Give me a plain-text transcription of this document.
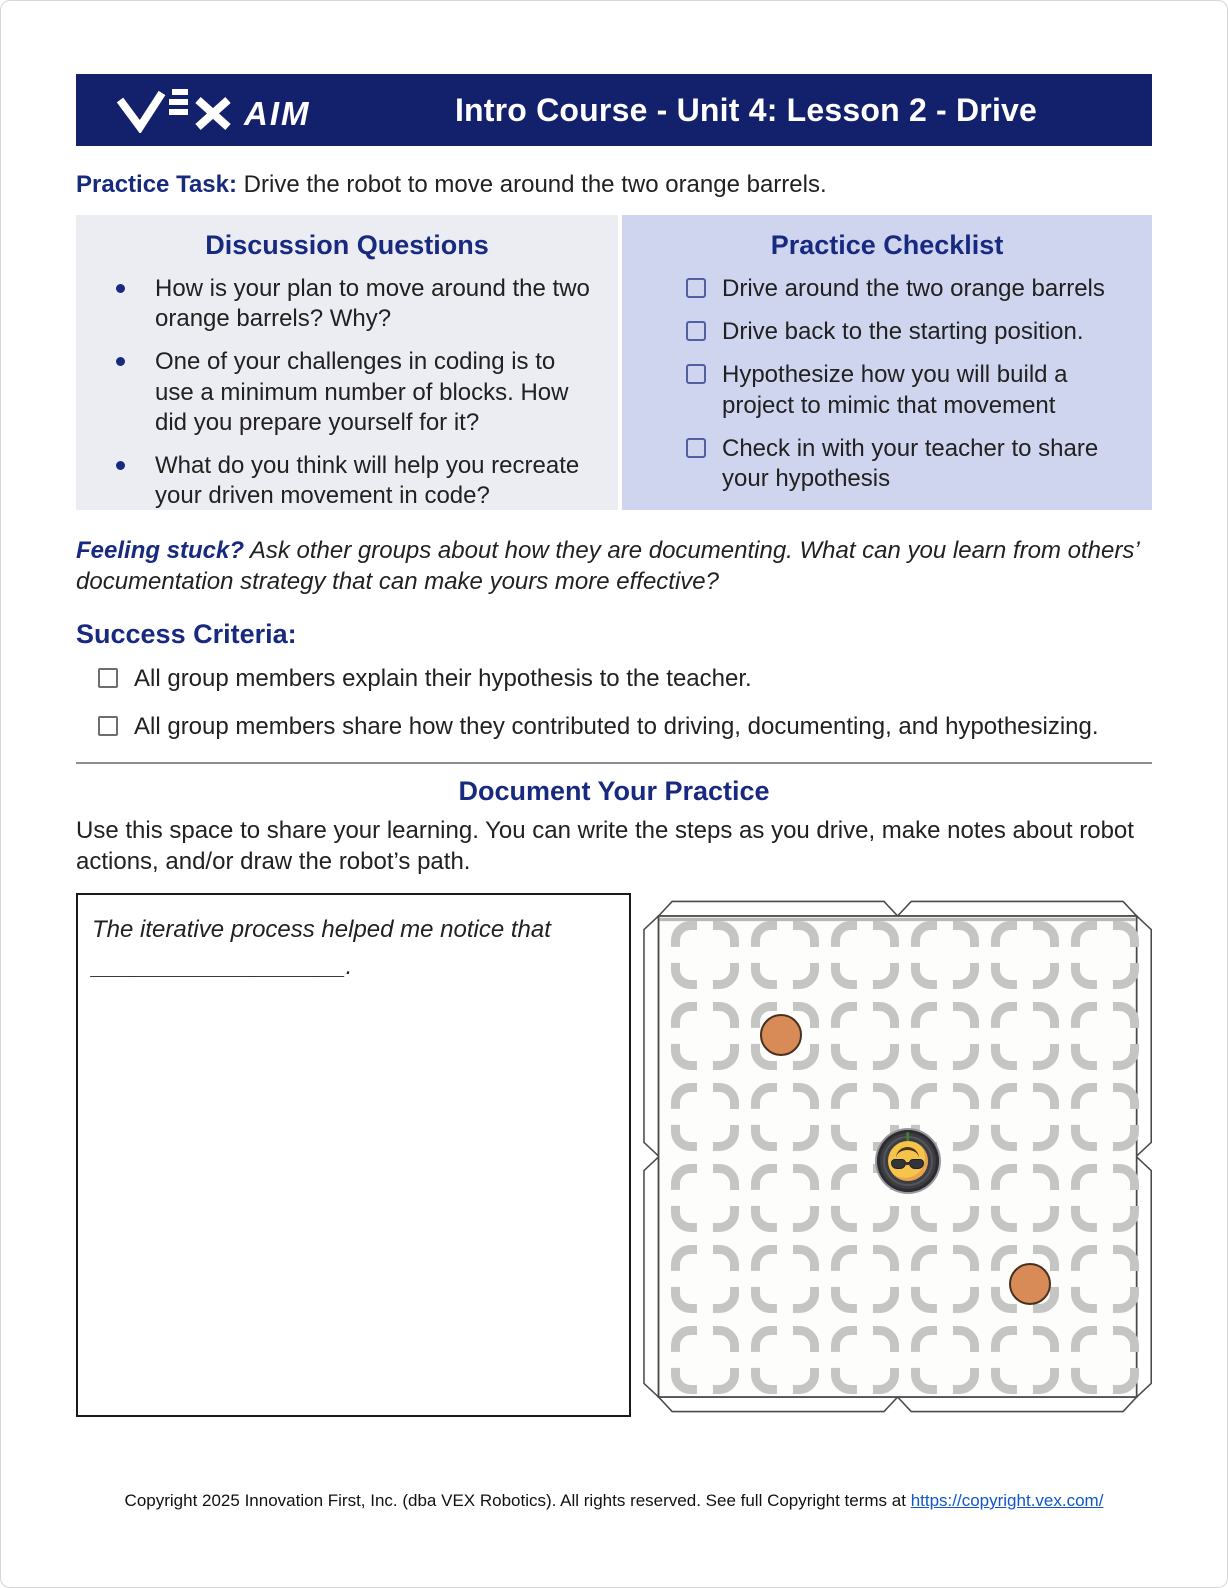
AIM	Intro Course - Unit 4: Lesson 2 - Drive

Practice Task: Drive the robot to move around the two orange barrels.

Discussion Questions
How is your plan to move around the two orange barrels? Why?
One of your challenges in coding is to use a minimum number of blocks. How did you prepare yourself for it?
What do you think will help you recreate your driven movement in code?
Practice Checklist
Drive around the two orange barrels
Drive back to the starting position.
Hypothesize how you will build a project to mimic that movement
Check in with your teacher to share your hypothesis

Feeling stuck? Ask other groups about how they are documenting. What can you learn from others’ documentation strategy that can make yours more effective?

Success Criteria:
All group members explain their hypothesis to the teacher.
All group members share how they contributed to driving, documenting, and hypothesizing.
Document Your Practice

Use this space to share your learning. You can write the steps as you drive, make notes about robot actions, and/or draw the robot’s path.

The iterative process helped me notice that ___________________.

Copyright 2025 Innovation First, Inc. (dba VEX Robotics). All rights reserved. See full Copyright terms at https://copyright.vex.com/
